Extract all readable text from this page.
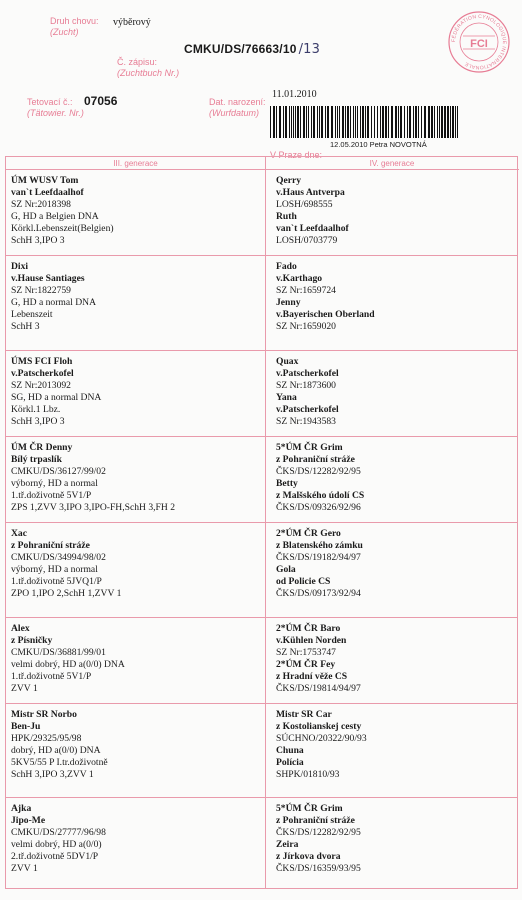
Druh chovu:
(Zucht)
výběrový
Č. zápisu:
(Zuchtbuch Nr.)
CMKU/DS/76663/10 /13
Tetovací č.:
(Tätowier. Nr.)
07056	Dat. narození:
(Wurfdatum)
11.01.2010
12.05.2010 Petra NOVOTNÁ
V Praze dne:
FÉDÉRATION CYNOLOGIQUE INTERNATIONALE
FCI
III. generace	IV. generace
ÚM WUSV Tom
van`t Leefdaalhof
SZ Nr:2018398
G, HD a Belgien DNA
Körkl.Lebenszeit(Belgien)
SchH 3,IPO 3
Qerry
v.Haus Antverpa
LOSH/698555
Ruth
van`t Leefdaalhof
LOSH/0703779
Dixi
v.Hause Santiages
SZ Nr:1822759
G, HD a normal DNA
Lebenszeit
SchH 3
Fado
v.Karthago
SZ Nr:1659724
Jenny
v.Bayerischen Oberland
SZ Nr:1659020
ÚMS FCI Floh
v.Patscherkofel
SZ Nr:2013092
SG, HD a normal DNA
Körkl.1 Lbz.
SchH 3,IPO 3
Quax
v.Patscherkofel
SZ Nr:1873600
Yana
v.Patscherkofel
SZ Nr:1943583
ÚM ČR Denny
Bílý trpaslík
CMKU/DS/36127/99/02
výborný, HD a normal
1.tř.doživotně 5V1/P
ZPS 1,ZVV 3,IPO 3,IPO-FH,SchH 3,FH 2
5*ÚM ČR Grim
z Pohraniční stráže
ČKS/DS/12282/92/95
Betty
z Malšského údolí CS
ČKS/DS/09326/92/96
Xac
z Pohraniční stráže
CMKU/DS/34994/98/02
výborný, HD a normal
1.tř.doživotně 5JVQ1/P
ZPO 1,IPO 2,SchH 1,ZVV 1
2*ÚM ČR Gero
z Blatenského zámku
ČKS/DS/19182/94/97
Gola
od Policie CS
ČKS/DS/09173/92/94
Alex
z Písničky
CMKU/DS/36881/99/01
velmi dobrý, HD a(0/0) DNA
1.tř.doživotně 5V1/P
ZVV 1
2*ÚM ČR Baro
v.Kühlen Norden
SZ Nr:1753747
2*ÚM ČR Fey
z Hradní věže CS
ČKS/DS/19814/94/97
Mistr SR Norbo
Ben-Ju
HPK/29325/95/98
dobrý, HD a(0/0) DNA
5KV5/55 P I.tr.doživotně
SchH 3,IPO 3,ZVV 1
Mistr SR Car
z Kostolianskej cesty
SÚCHNO/20322/90/93
Chuna
Polícia
SHPK/01810/93
Ajka
Jipo-Me
CMKU/DS/27777/96/98
velmi dobrý, HD a(0/0)
2.tř.doživotně 5DV1/P
ZVV 1
5*ÚM ČR Grim
z Pohraniční stráže
ČKS/DS/12282/92/95
Zeira
z Jírkova dvora
ČKS/DS/16359/93/95
